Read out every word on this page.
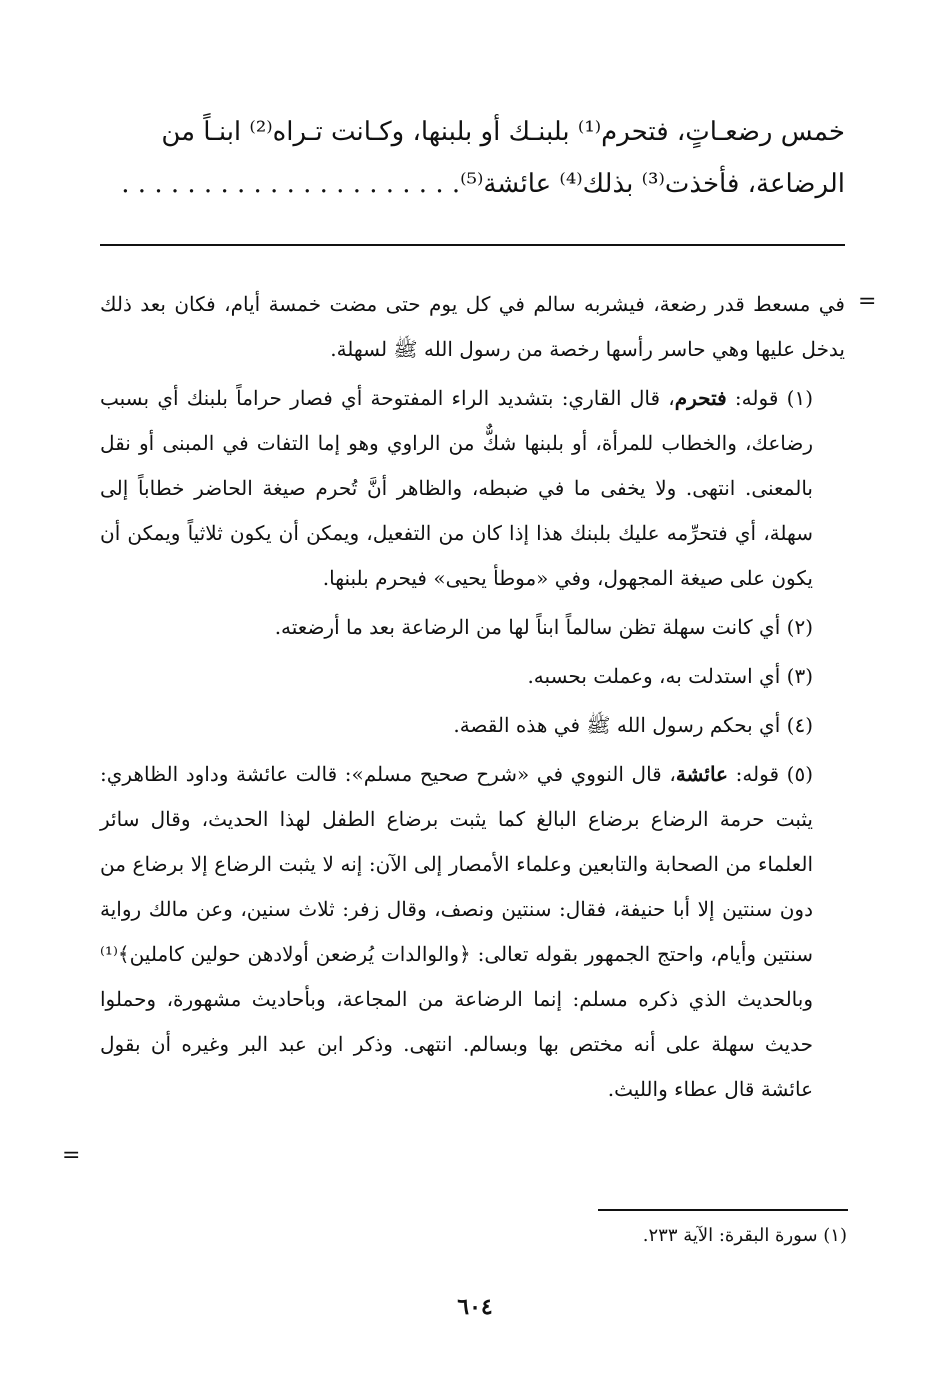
خمس رضعـاتٍ، فتحرم⁽¹⁾ بلبنـك أو بلبنها، وكـانت تـراه⁽²⁾ ابنـاً من

الرضاعة، فأخذت⁽³⁾ بذلك⁽⁴⁾ عائشة⁽⁵⁾. . . . . . . . . . . . . . . . . . . . .

=

في مسعط قدر رضعة، فيشربه سالم في كل يوم حتى مضت خمسة أيام، فكان بعد ذلك يدخل عليها وهي حاسر رأسها رخصة من رسول الله ﷺ لسهلة.

(١) قوله: فتحرم، قال القاري: بتشديد الراء المفتوحة أي فصار حراماً بلبنك أي بسبب رضاعك، والخطاب للمرأة، أو بلبنها شكٌّ من الراوي وهو إما التفات في المبنى أو نقل بالمعنى. انتهى. ولا يخفى ما في ضبطه، والظاهر أنَّ تُحرم صيغة الحاضر خطاباً إلى سهلة، أي فتحرِّمه عليك بلبنك هذا إذا كان من التفعيل، ويمكن أن يكون ثلاثياً ويمكن أن يكون على صيغة المجهول، وفي «موطأ يحيى» فيحرم بلبنها.

(٢) أي كانت سهلة تظن سالماً ابناً لها من الرضاعة بعد ما أرضعته.

(٣) أي استدلت به، وعملت بحسبه.

(٤) أي بحكم رسول الله ﷺ في هذه القصة.

(٥) قوله: عائشة، قال النووي في «شرح صحيح مسلم»: قالت عائشة وداود الظاهري: يثبت حرمة الرضاع برضاع البالغ كما يثبت برضاع الطفل لهذا الحديث، وقال سائر العلماء من الصحابة والتابعين وعلماء الأمصار إلى الآن: إنه لا يثبت الرضاع إلا برضاع من دون سنتين إلا أبا حنيفة، فقال: سنتين ونصف، وقال زفر: ثلاث سنين، وعن مالك رواية سنتين وأيام، واحتج الجمهور بقوله تعالى: ﴿والوالدات يُرضعن أولادهن حولين كاملين﴾⁽¹⁾ وبالحديث الذي ذكره مسلم: إنما الرضاعة من المجاعة، وبأحاديث مشهورة، وحملوا حديث سهلة على أنه مختص بها وبسالم. انتهى. وذكر ابن عبد البر وغيره أن بقول عائشة قال عطاء والليث.

=
(١) سورة البقرة: الآية ٢٣٣.
٦٠٤
